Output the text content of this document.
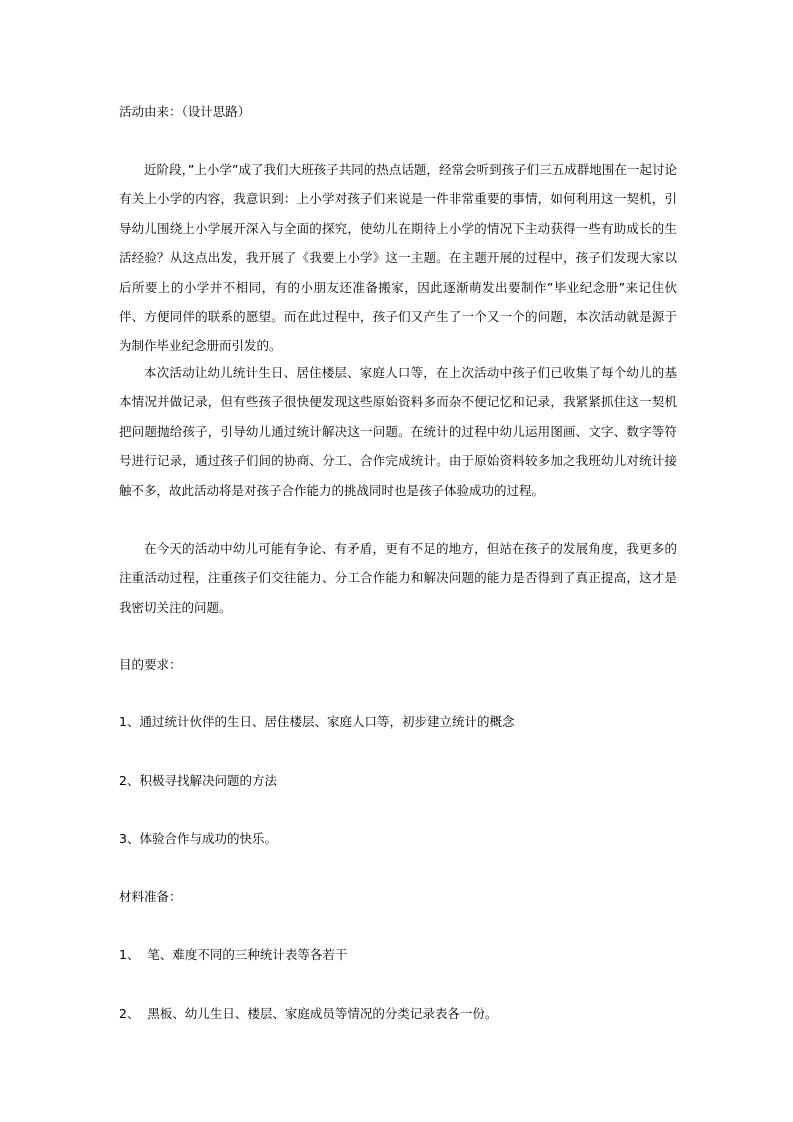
活动由来：（设计思路）
近阶段，”上小学”成了我们大班孩子共同的热点话题，经常会听到孩子们三五成群地围在一起讨论有关上小学的内容，我意识到：上小学对孩子们来说是一件非常重要的事情，如何利用这一契机，引导幼儿围绕上小学展开深入与全面的探究，使幼儿在期待上小学的情况下主动获得一些有助成长的生活经验？从这点出发，我开展了《我要上小学》这一主题。在主题开展的过程中，孩子们发现大家以后所要上的小学并不相同，有的小朋友还准备搬家，因此逐渐萌发出要制作”毕业纪念册”来记住伙伴、方便同伴的联系的愿望。而在此过程中，孩子们又产生了一个又一个的问题，本次活动就是源于为制作毕业纪念册而引发的。
本次活动让幼儿统计生日、居住楼层、家庭人口等，在上次活动中孩子们已收集了每个幼儿的基本情况并做记录，但有些孩子很快便发现这些原始资料多而杂不便记忆和记录，我紧紧抓住这一契机把问题抛给孩子，引导幼儿通过统计解决这一问题。在统计的过程中幼儿运用图画、文字、数字等符号进行记录，通过孩子们间的协商、分工、合作完成统计。由于原始资料较多加之我班幼儿对统计接触不多，故此活动将是对孩子合作能力的挑战同时也是孩子体验成功的过程。
在今天的活动中幼儿可能有争论、有矛盾，更有不足的地方，但站在孩子的发展角度，我更多的注重活动过程，注重孩子们交往能力、分工合作能力和解决问题的能力是否得到了真正提高，这才是我密切关注的问题。
目的要求：
1、通过统计伙伴的生日、居住楼层、家庭人口等，初步建立统计的概念
2、积极寻找解决问题的方法
3、体验合作与成功的快乐。
材料准备：
1、  笔、难度不同的三种统计表等各若干
2、  黑板、幼儿生日、楼层、家庭成员等情况的分类记录表各一份。
